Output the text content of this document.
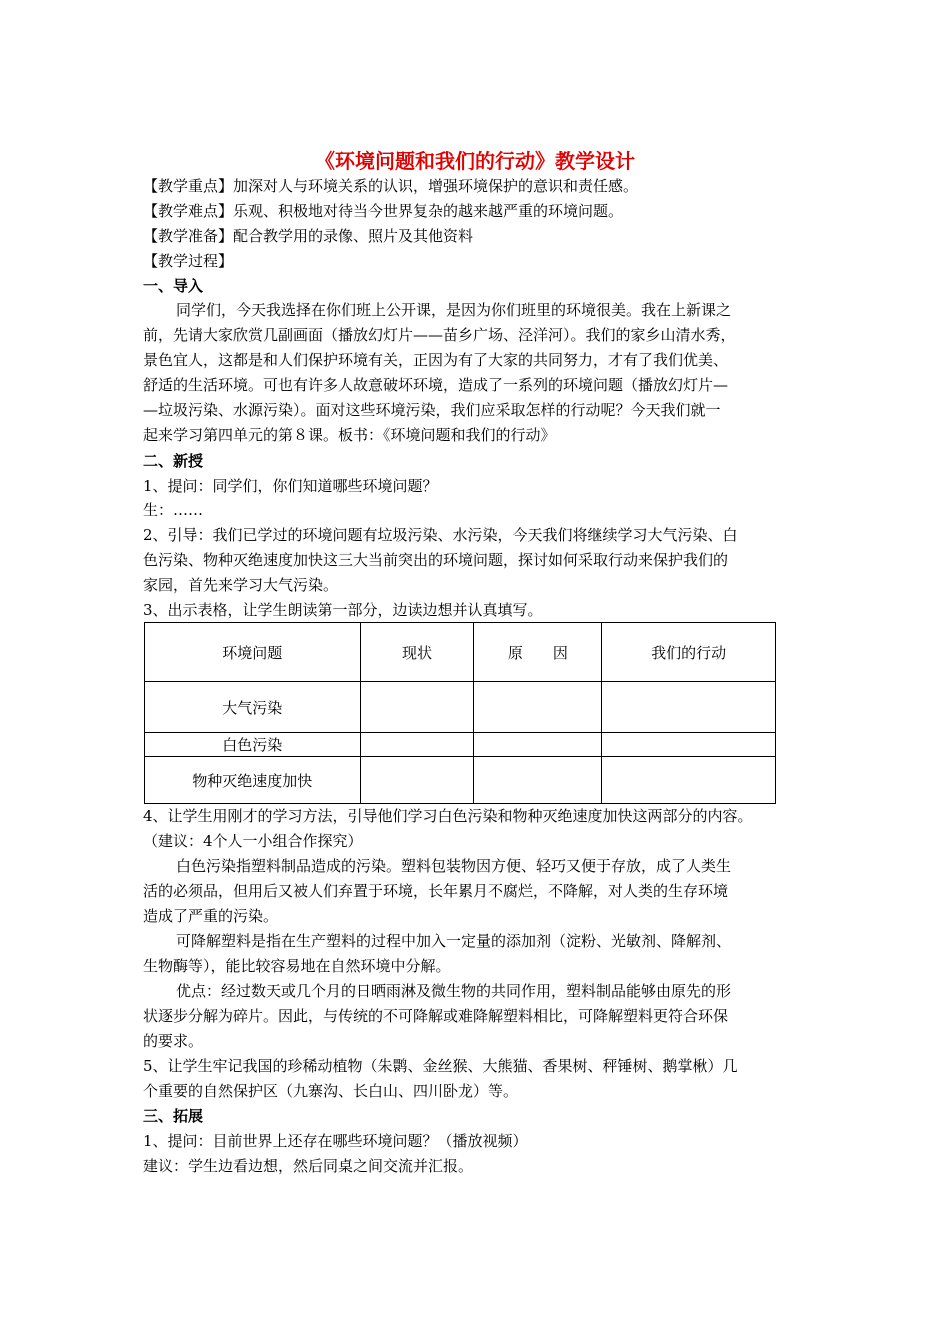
《环境问题和我们的行动》教学设计
【教学重点】加深对人与环境关系的认识，增强环境保护的意识和责任感。
【教学难点】乐观、积极地对待当今世界复杂的越来越严重的环境问题。
【教学准备】配合教学用的录像、照片及其他资料
【教学过程】
一、导入
同学们，今天我选择在你们班上公开课，是因为你们班里的环境很美。我在上新课之
前，先请大家欣赏几副画面（播放幻灯片——苗乡广场、泾洋河）。我们的家乡山清水秀，
景色宜人，这都是和人们保护环境有关，正因为有了大家的共同努力，才有了我们优美、
舒适的生活环境。可也有许多人故意破坏环境，造成了一系列的环境问题（播放幻灯片—
—垃圾污染、水源污染）。面对这些环境污染，我们应采取怎样的行动呢？今天我们就一
起来学习第四单元的第８课。板书：《环境问题和我们的行动》
二、新授
1、提问：同学们，你们知道哪些环境问题？
生：……
2、引导：我们已学过的环境问题有垃圾污染、水污染，今天我们将继续学习大气污染、白
色污染、物种灭绝速度加快这三大当前突出的环境问题，探讨如何采取行动来保护我们的
家园，首先来学习大气污染。
3、出示表格，让学生朗读第一部分，边读边想并认真填写。
环境问题	现状	原　　因	我们的行动
大气污染			
白色污染			
物种灭绝速度加快			
4、让学生用刚才的学习方法，引导他们学习白色污染和物种灭绝速度加快这两部分的内容。
（建议：4个人一小组合作探究）
白色污染指塑料制品造成的污染。塑料包装物因方便、轻巧又便于存放，成了人类生
活的必须品，但用后又被人们弃置于环境，长年累月不腐烂，不降解，对人类的生存环境
造成了严重的污染。
可降解塑料是指在生产塑料的过程中加入一定量的添加剂（淀粉、光敏剂、降解剂、
生物酶等），能比较容易地在自然环境中分解。
优点：经过数天或几个月的日晒雨淋及微生物的共同作用，塑料制品能够由原先的形
状逐步分解为碎片。因此，与传统的不可降解或难降解塑料相比，可降解塑料更符合环保
的要求。
5、让学生牢记我国的珍稀动植物（朱鹮、金丝猴、大熊猫、香果树、秤锤树、鹅掌楸）几
个重要的自然保护区（九寨沟、长白山、四川卧龙）等。
三、拓展
1、提问：目前世界上还存在哪些环境问题？（播放视频）
建议：学生边看边想，然后同桌之间交流并汇报。
